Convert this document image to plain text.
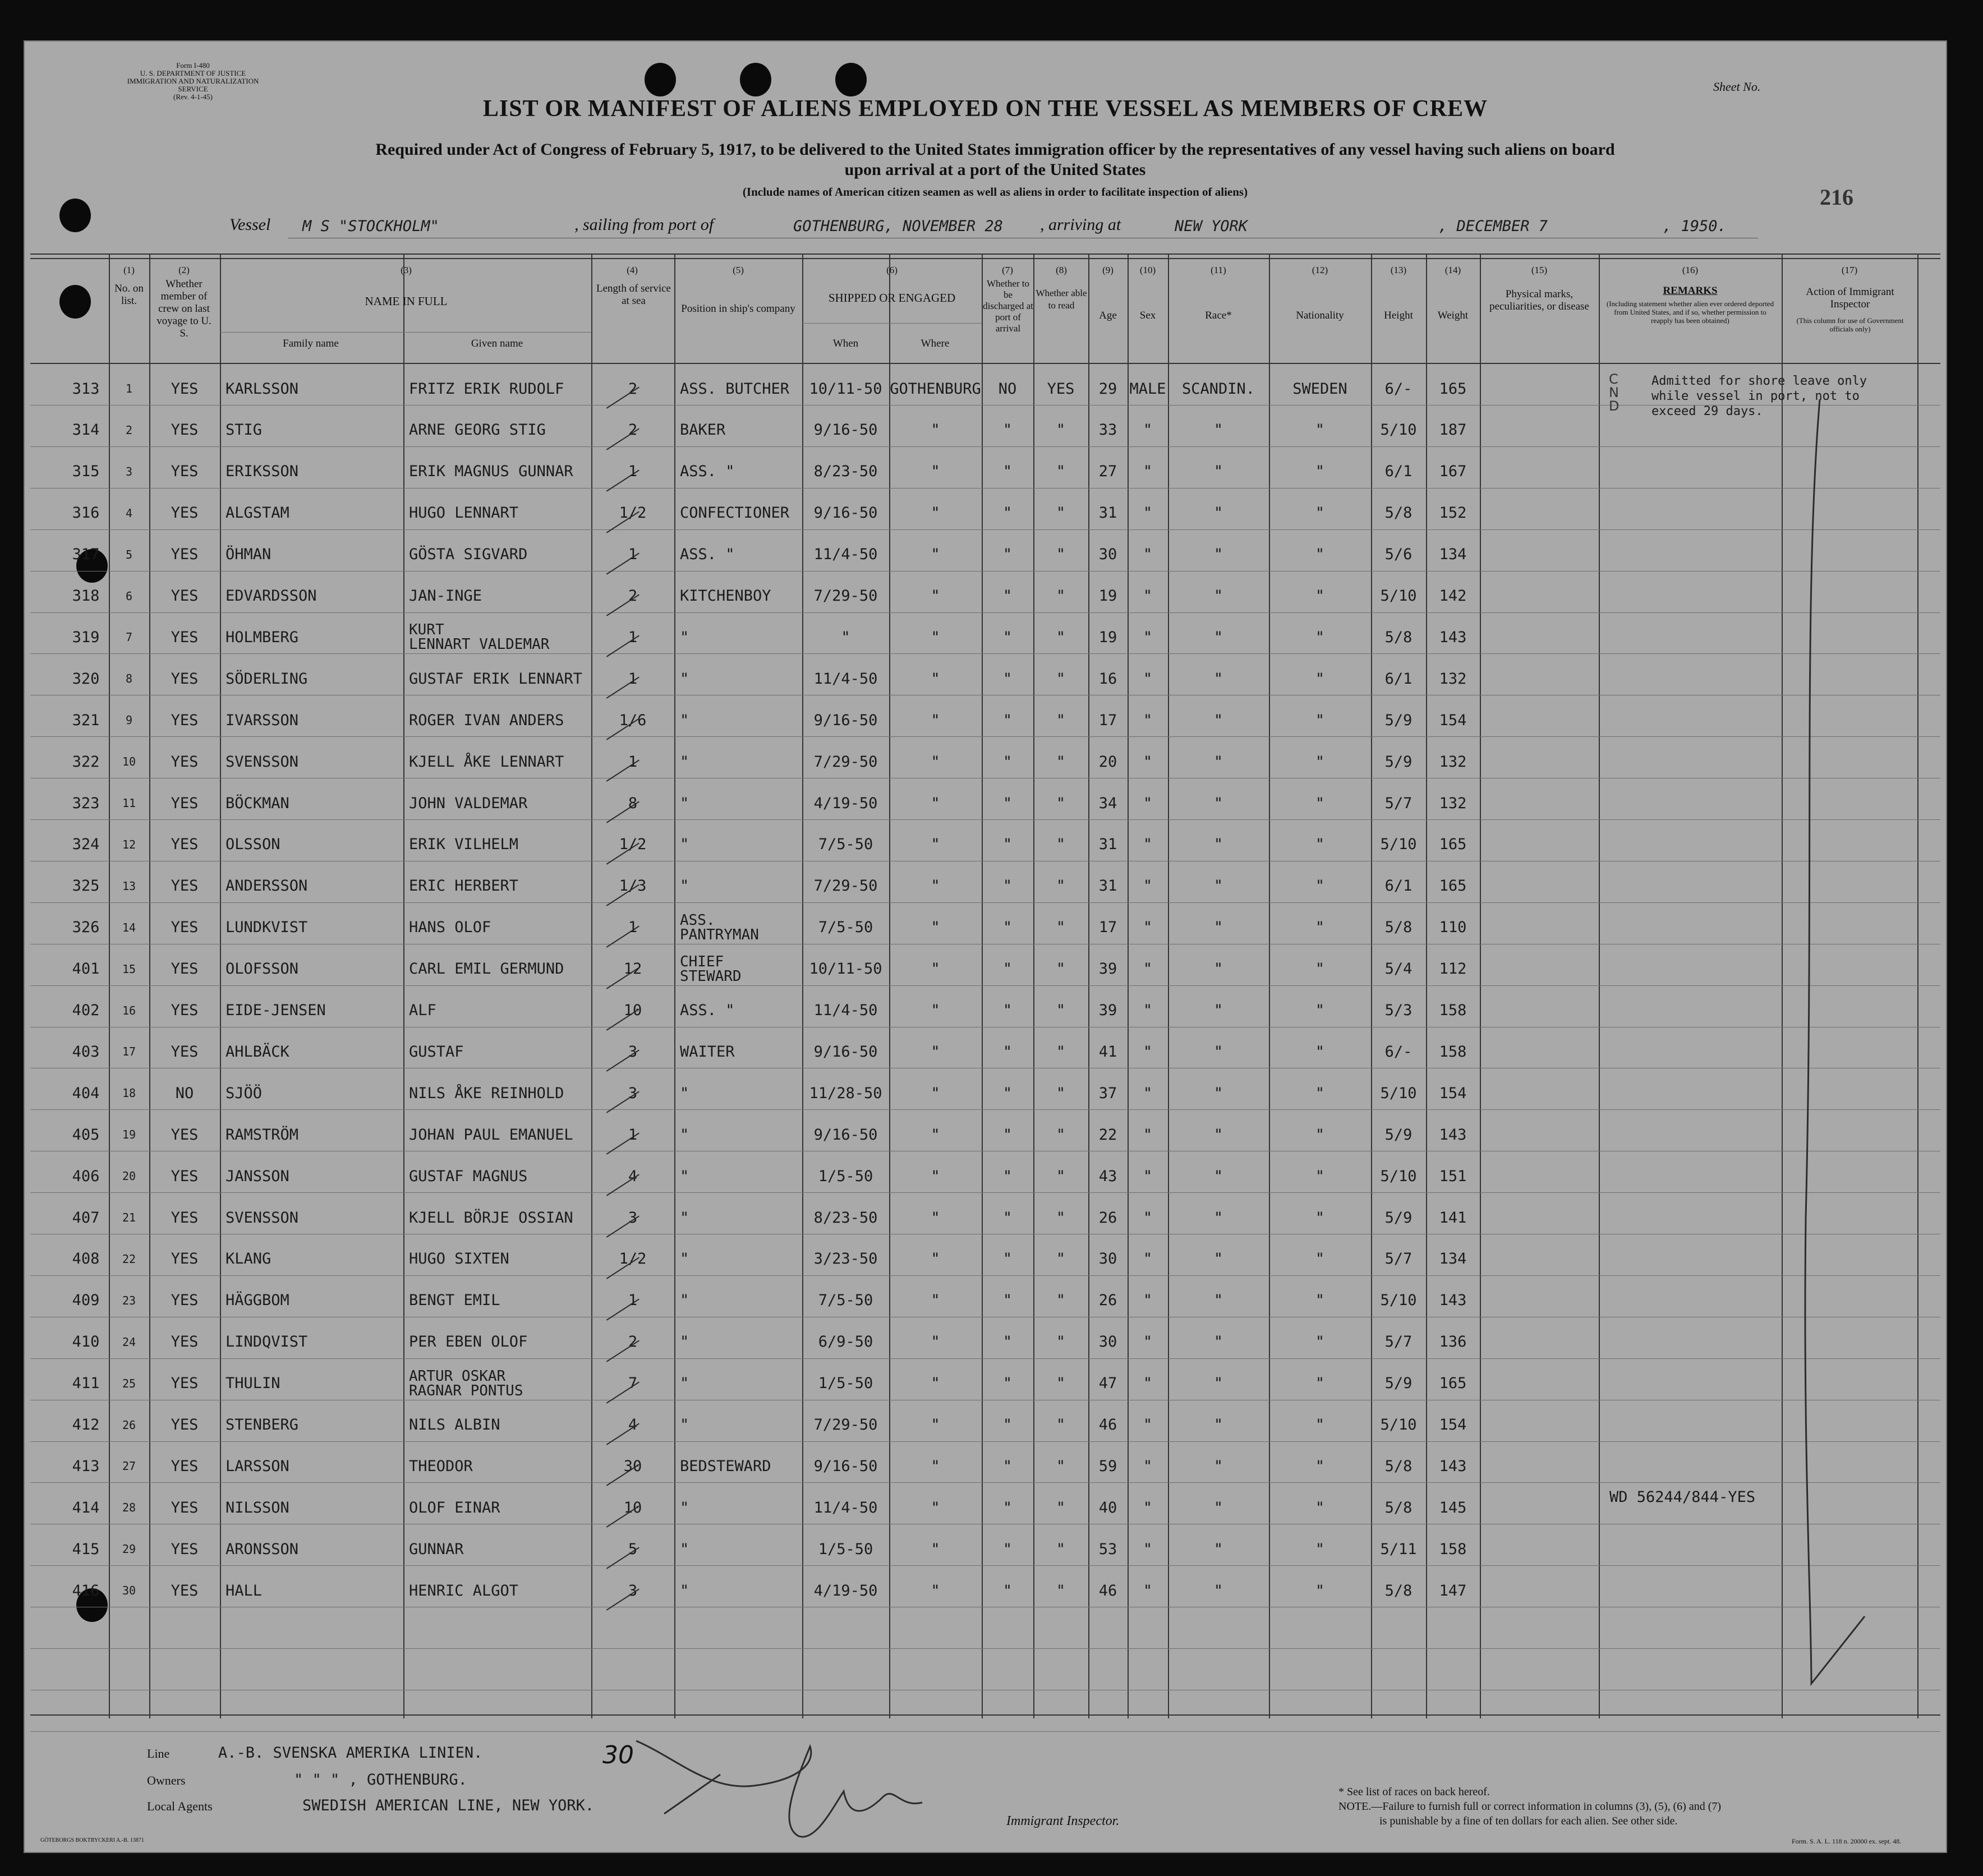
Form I-480
U. S. DEPARTMENT OF JUSTICE
IMMIGRATION AND NATURALIZATION SERVICE
(Rev. 4-1-45)
Sheet No.
LIST OR MANIFEST OF ALIENS EMPLOYED ON THE VESSEL AS MEMBERS OF CREW
Required under Act of Congress of February 5, 1917, to be delivered to the United States immigration officer by the representatives of any vessel having such aliens on board
upon arrival at a port of the United States
(Include names of American citizen seamen as well as aliens in order to facilitate inspection of aliens)	216
Vessel M S "STOCKHOLM"	, sailing from port of	GOTHENBURG, NOVEMBER 28 , arriving at	NEW YORK	, DECEMBER 7	, 1950.
(1)
No. on list.
(2)
Whether member of crew on last voyage to U. S.
(3)
NAME IN FULL
Family name	Given name
(4)
Length of service at sea
(5)
Position in ship's company
(6)
SHIPPED OR ENGAGED
When	Where
(7)
Whether to be discharged at port of arrival
(8)
Whether able to read
(9)
Age
(10)
Sex
(11)
Race*
(12)
Nationality
(13)
Height
(14)
Weight
(15)
Physical marks, peculiarities, or disease
(16)
REMARKS
(Including statement whether alien ever ordered deported from United States, and if so, whether permission to reapply has been obtained)
(17)
Action of Immigrant Inspector
(This column for use of Government officials only)
313	1	YES	KARLSSON	FRITZ ERIK RUDOLF	2	ASS. BUTCHER	10/11-50 GOTHENBURG	NO	YES	29 MALE	SCANDIN.	SWEDEN	6/-	165
314	2	YES	STIG	ARNE GEORG STIG	2	BAKER	9/16-50	"	"	"	33	"	"	"	5/10	187
315	3	YES	ERIKSSON	ERIK MAGNUS GUNNAR	1	ASS. "	8/23-50	"	"	"	27	"	"	"	6/1	167
316	4	YES	ALGSTAM	HUGO LENNART	1/2	CONFECTIONER	9/16-50	"	"	"	31	"	"	"	5/8	152
317	5	YES	ÖHMAN	GÖSTA SIGVARD	1	ASS. "	11/4-50	"	"	"	30	"	"	"	5/6	134
318	6	YES	EDVARDSSON	JAN-INGE	2	KITCHENBOY	7/29-50	"	"	"	19	"	"	"	5/10	142
319	7	YES	HOLMBERG	KURT
LENNART VALDEMAR	1	"	"	"	"	"	19	"	"	"	5/8	143
320	8	YES	SÖDERLING	GUSTAF ERIK LENNART	1	"	11/4-50	"	"	"	16	"	"	"	6/1	132
321	9	YES	IVARSSON	ROGER IVAN ANDERS	1/6	"	9/16-50	"	"	"	17	"	"	"	5/9	154
322	10	YES	SVENSSON	KJELL ÅKE LENNART	1	"	7/29-50	"	"	"	20	"	"	"	5/9	132
323	11	YES	BÖCKMAN	JOHN VALDEMAR	8	"	4/19-50	"	"	"	34	"	"	"	5/7	132
324	12	YES	OLSSON	ERIK VILHELM	1/2	"	7/5-50	"	"	"	31	"	"	"	5/10	165
325	13	YES	ANDERSSON	ERIC HERBERT	1/3	"	7/29-50	"	"	"	31	"	"	"	6/1	165
326	14	YES	LUNDKVIST	HANS OLOF	1	ASS.
PANTRYMAN	7/5-50	"	"	"	17	"	"	"	5/8	110
401	15	YES	OLOFSSON	CARL EMIL GERMUND	12	CHIEF
STEWARD	10/11-50	"	"	"	39	"	"	"	5/4	112
402	16	YES	EIDE-JENSEN	ALF	10	ASS. "	11/4-50	"	"	"	39	"	"	"	5/3	158
403	17	YES	AHLBÄCK	GUSTAF	3	WAITER	9/16-50	"	"	"	41	"	"	"	6/-	158
404	18	NO	SJÖÖ	NILS ÅKE REINHOLD	3	"	11/28-50	"	"	"	37	"	"	"	5/10	154
405	19	YES	RAMSTRÖM	JOHAN PAUL EMANUEL	1	"	9/16-50	"	"	"	22	"	"	"	5/9	143
406	20	YES	JANSSON	GUSTAF MAGNUS	4	"	1/5-50	"	"	"	43	"	"	"	5/10	151
407	21	YES	SVENSSON	KJELL BÖRJE OSSIAN	3	"	8/23-50	"	"	"	26	"	"	"	5/9	141
408	22	YES	KLANG	HUGO SIXTEN	1/2	"	3/23-50	"	"	"	30	"	"	"	5/7	134
409	23	YES	HÄGGBOM	BENGT EMIL	1	"	7/5-50	"	"	"	26	"	"	"	5/10	143
410	24	YES	LINDQVIST	PER EBEN OLOF	2	"	6/9-50	"	"	"	30	"	"	"	5/7	136
411	25	YES	THULIN	ARTUR OSKAR
RAGNAR PONTUS	7	"	1/5-50	"	"	"	47	"	"	"	5/9	165
412	26	YES	STENBERG	NILS ALBIN	4	"	7/29-50	"	"	"	46	"	"	"	5/10	154
413	27	YES	LARSSON	THEODOR	30	BEDSTEWARD	9/16-50	"	"	"	59	"	"	"	5/8	143
414	28	YES	NILSSON	OLOF EINAR	10	"	11/4-50	"	"	"	40	"	"	"	5/8	145
415	29	YES	ARONSSON	GUNNAR	5	"	1/5-50	"	"	"	53	"	"	"	5/11	158
416	30	YES	HALL	HENRIC ALGOT	3	"	4/19-50	"	"	"	46	"	"	"	5/8	147
C
N
D
Admitted for shore leave only
while vessel in port, not to
exceed 29 days.
WD 56244/844-YES
Line	A.-B. SVENSKA AMERIKA LINIEN.
Owners	" " " , GOTHENBURG.
Local Agents	SWEDISH AMERICAN LINE, NEW YORK.
30
Immigrant Inspector.
* See list of races on back hereof.
NOTE.—Failure to furnish full or correct information in columns (3), (5), (6) and (7)
is punishable by a fine of ten dollars for each alien. See other side.
GÖTEBORGS BOKTRYCKERI A.-B. 13871	Form. S. A. L. 118 n. 20000 ex. sept. 48.
